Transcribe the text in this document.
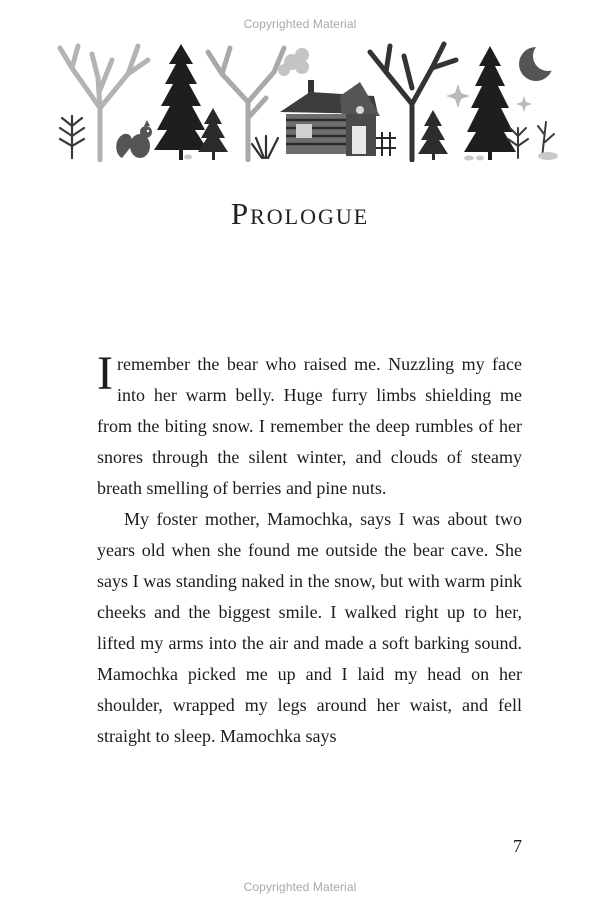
Copyrighted Material
Prologue

I remember the bear who raised me. Nuzzling my face into her warm belly. Huge furry limbs shielding me from the biting snow. I remember the deep rumbles of her snores through the silent winter, and clouds of steamy breath smelling of berries and pine nuts.

My foster mother, Mamochka, says I was about two years old when she found me outside the bear cave. She says I was standing naked in the snow, but with warm pink cheeks and the biggest smile. I walked right up to her, lifted my arms into the air and made a soft barking sound. Mamochka picked me up and I laid my head on her shoulder, wrapped my legs around her waist, and fell straight to sleep. Mamochka says

7
Copyrighted Material
